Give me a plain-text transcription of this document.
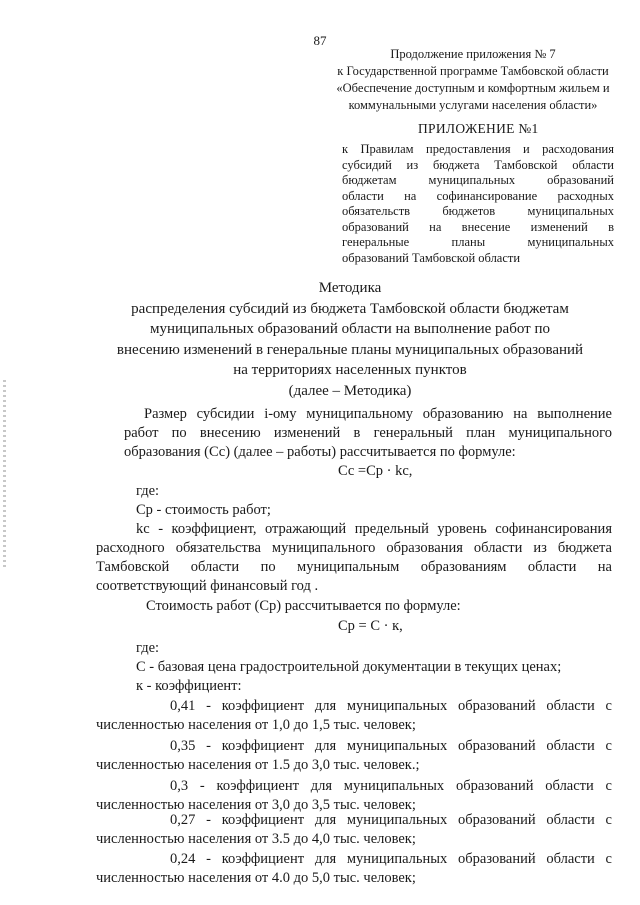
87
Продолжение приложения № 7
к Государственной программе Тамбовской области
«Обеспечение доступным и комфортным жильем и
коммунальными услугами населения области»
ПРИЛОЖЕНИЕ №1
к Правилам предоставления и расходования
субсидий из бюджета Тамбовской области
бюджетам муниципальных образований
области на софинансирование расходных
обязательств бюджетов муниципальных
образований на внесение изменений в
генеральные планы муниципальных
образований Тамбовской области
Методика
распределения субсидий из бюджета Тамбовской области бюджетам
муниципальных образований области на выполнение работ по
внесению изменений в генеральные планы муниципальных образований
на территориях населенных пунктов
(далее – Методика)
Размер субсидии i-ому муниципальному образованию на выполнение
работ по внесению изменений в генеральный план муниципального
образования (Сс) (далее – работы) рассчитывается по формуле:
Сс =Ср · kс,
где:
Ср - стоимость работ;
kс - коэффициент, отражающий предельный уровень софинансирования
расходного обязательства муниципального образования области из бюджета
Тамбовской области по муниципальным образованиям области на
соответствующий финансовый год .
Стоимость работ (Ср) рассчитывается по формуле:
Ср = С · к,
где:
С - базовая цена градостроительной документации в текущих ценах;
к - коэффициент:
0,41 - коэффициент для муниципальных образований области с
численностью населения от 1,0 до 1,5 тыс. человек;
0,35 - коэффициент для муниципальных образований области с
численностью населения от 1.5 до 3,0 тыс. человек.;
0,3 - коэффициент для муниципальных образований области с
численностью населения от 3,0 до 3,5 тыс. человек;
0,27 - коэффициент для муниципальных образований области с
численностью населения от 3.5 до 4,0 тыс. человек;
0,24 - коэффициент для муниципальных образований области с
численностью населения от 4.0 до 5,0 тыс. человек;
